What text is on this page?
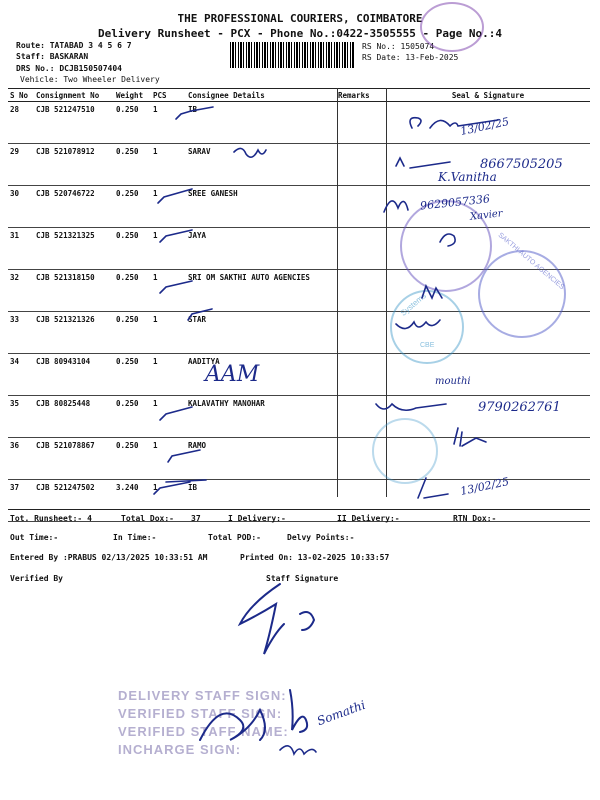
THE PROFESSIONAL COURIERS, COIMBATORE
Delivery Runsheet - PCX - Phone No.:0422-3505555 - Page No.:4
Route: TATABAD 3 4 5 6 7
Staff: BASKARAN
DRS No.: DCJB150507404
Vehicle: Two Wheeler Delivery
RS No.: 1505074
RS Date: 13-Feb-2025
S No	Consignment No	Weight	PCS	Consignee Details	Remarks	Seal & Signature
28	CJB 521247510	0.250	1	IB		
29	CJB 521078912	0.250	1	SARAV		
30	CJB 520746722	0.250	1	SREE GANESH		
31	CJB 521321325	0.250	1	JAYA		
32	CJB 521318150	0.250	1	SRI OM SAKTHI AUTO AGENCIES		
33	CJB 521321326	0.250	1	STAR		
34	CJB 80943104	0.250	1	AADITYA		
35	CJB 80825448	0.250	1	KALAVATHY MANOHAR		
36	CJB 521078867	0.250	1	RAMO		
37	CJB 521247502	3.240	1	IB		
Tot. Runsheet:- 4	Total Dox:- 37	I Delivery:-	II Delivery:-	RTN Dox:-
Out Time:-	In Time:-	Total POD:-	Delvy Points:-
Entered By :PRABUS 02/13/2025 10:33:51 AM	Printed On: 13-02-2025 10:33:57
Verified By	Staff Signature
DELIVERY STAFF SIGN:
VERIFIED STAFF SIGN:
VERIFIED STAFF NAME:
INCHARGE SIGN:
SAKTHI AUTO AGENCIES
Systems
CBE
13/02/25
8667505205
K.Vanitha
9629057336
Xavier
mouthi
9790262761
13/02/25
AAM
Somathi
